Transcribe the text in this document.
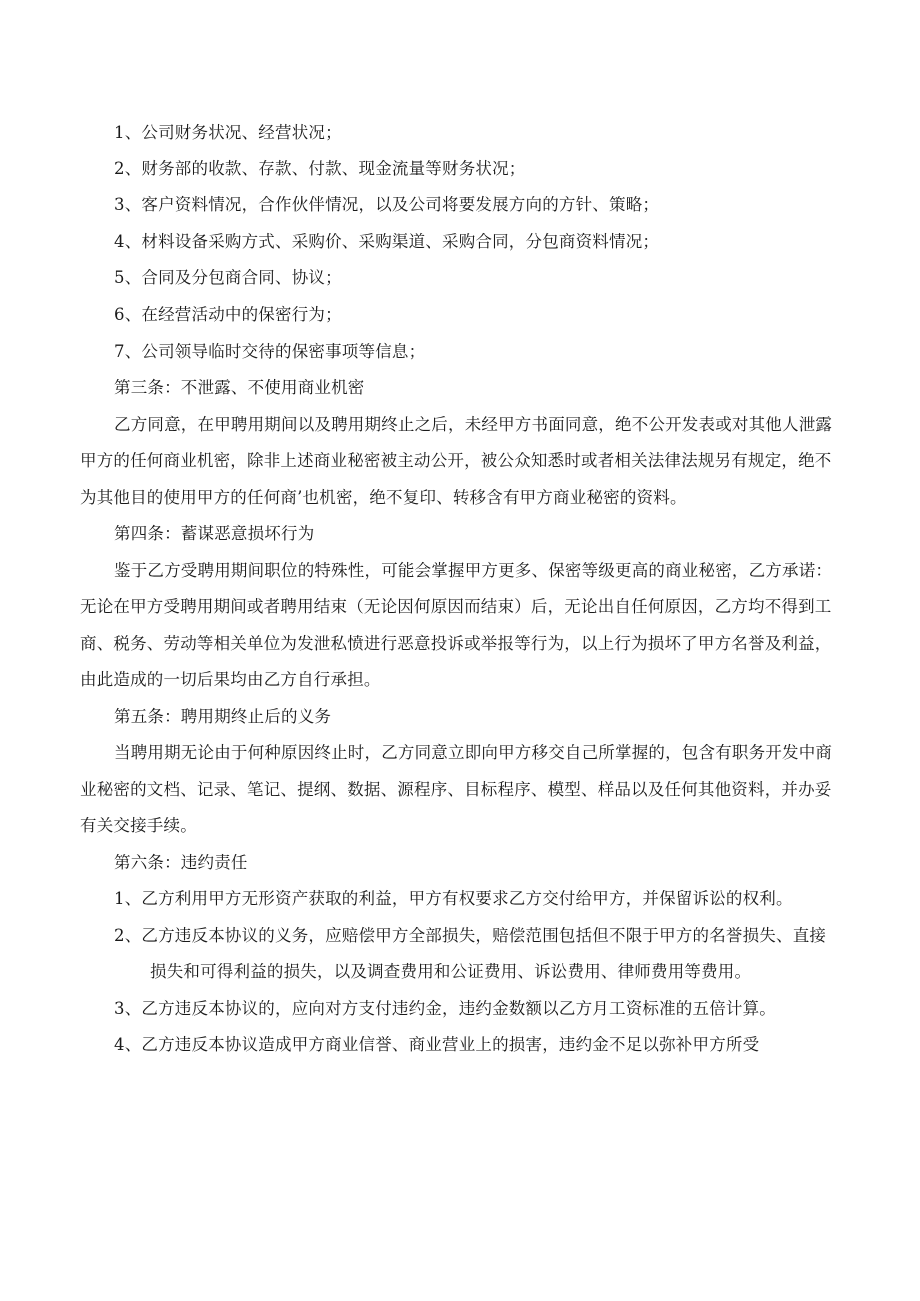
1、公司财务状况、经营状况；
2、财务部的收款、存款、付款、现金流量等财务状况；
3、客户资料情况，合作伙伴情况，以及公司将要发展方向的方针、策略；
4、材料设备采购方式、采购价、采购渠道、采购合同，分包商资料情况；
5、合同及分包商合同、协议；
6、在经营活动中的保密行为；
7、公司领导临时交待的保密事项等信息；
第三条：不泄露、不使用商业机密
乙方同意，在甲聘用期间以及聘用期终止之后，未经甲方书面同意，绝不公开发表或对其他人泄露
甲方的任何商业机密，除非上述商业秘密被主动公开，被公众知悉时或者相关法律法规另有规定，绝不
为其他目的使用甲方的任何商’也机密，绝不复印、转移含有甲方商业秘密的资料。
第四条：蓄谋恶意损坏行为
鉴于乙方受聘用期间职位的特殊性，可能会掌握甲方更多、保密等级更高的商业秘密，乙方承诺：
无论在甲方受聘用期间或者聘用结束（无论因何原因而结束）后，无论出自任何原因，乙方均不得到工
商、税务、劳动等相关单位为发泄私愤进行恶意投诉或举报等行为，以上行为损坏了甲方名誉及利益，
由此造成的一切后果均由乙方自行承担。
第五条：聘用期终止后的义务
当聘用期无论由于何种原因终止时，乙方同意立即向甲方移交自己所掌握的，包含有职务开发中商
业秘密的文档、记录、笔记、提纲、数据、源程序、目标程序、模型、样品以及任何其他资料，并办妥
有关交接手续。
第六条：违约责任
1、乙方利用甲方无形资产获取的利益，甲方有权要求乙方交付给甲方，并保留诉讼的权利。
2、乙方违反本协议的义务，应赔偿甲方全部损失，赔偿范围包括但不限于甲方的名誉损失、直接
损失和可得利益的损失，以及调查费用和公证费用、诉讼费用、律师费用等费用。
3、乙方违反本协议的，应向对方支付违约金，违约金数额以乙方月工资标准的五倍计算。
4、乙方违反本协议造成甲方商业信誉、商业营业上的损害，违约金不足以弥补甲方所受
